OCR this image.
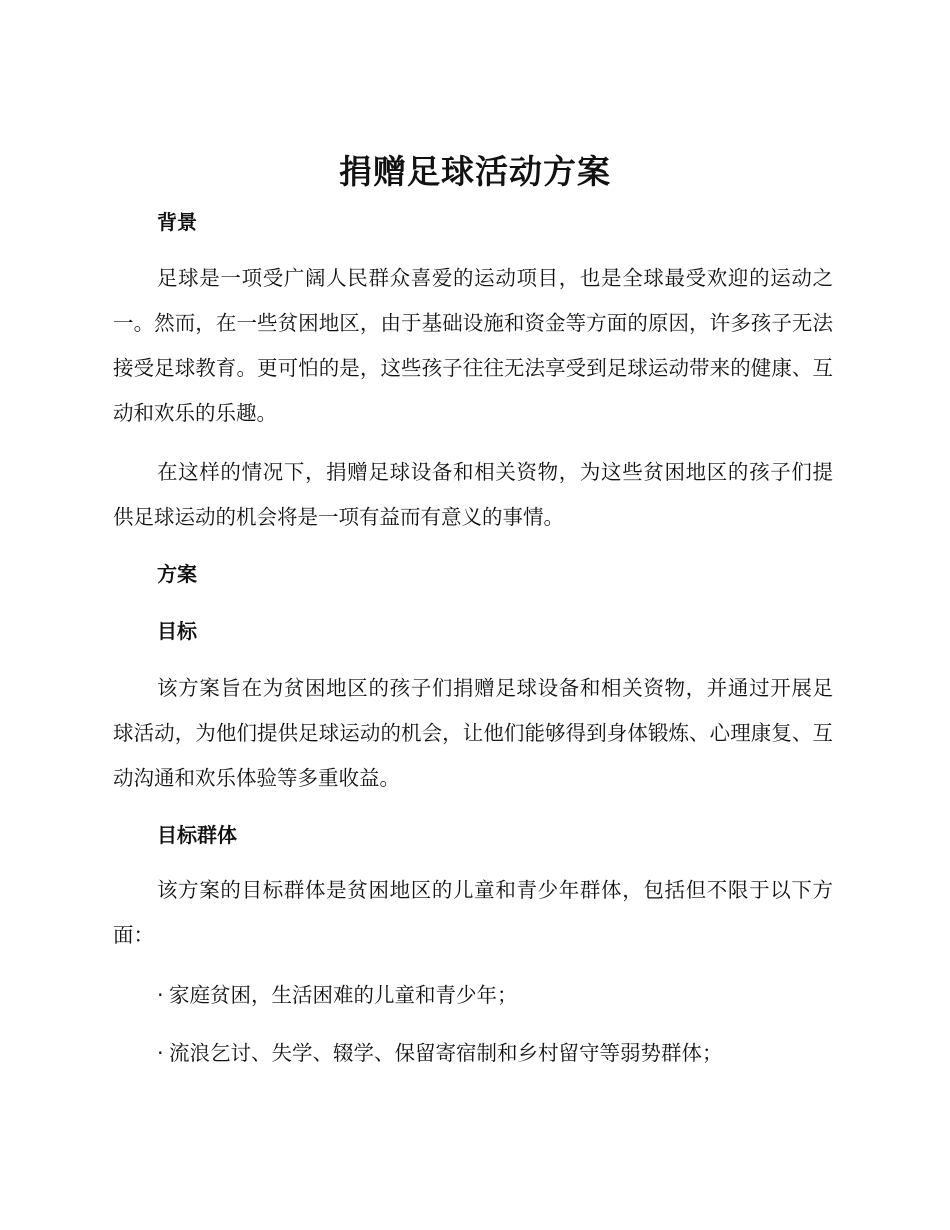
捐赠足球活动方案
背景

足球是一项受广阔人民群众喜爱的运动项目，也是全球最受欢迎的运动之一。然而，在一些贫困地区，由于基础设施和资金等方面的原因，许多孩子无法接受足球教育。更可怕的是，这些孩子往往无法享受到足球运动带来的健康、互动和欢乐的乐趣。

在这样的情况下，捐赠足球设备和相关资物，为这些贫困地区的孩子们提供足球运动的机会将是一项有益而有意义的事情。

方案
目标

该方案旨在为贫困地区的孩子们捐赠足球设备和相关资物，并通过开展足球活动，为他们提供足球运动的机会，让他们能够得到身体锻炼、心理康复、互动沟通和欢乐体验等多重收益。

目标群体

该方案的目标群体是贫困地区的儿童和青少年群体，包括但不限于以下方面：

· 家庭贫困，生活困难的儿童和青少年；

· 流浪乞讨、失学、辍学、保留寄宿制和乡村留守等弱势群体；
